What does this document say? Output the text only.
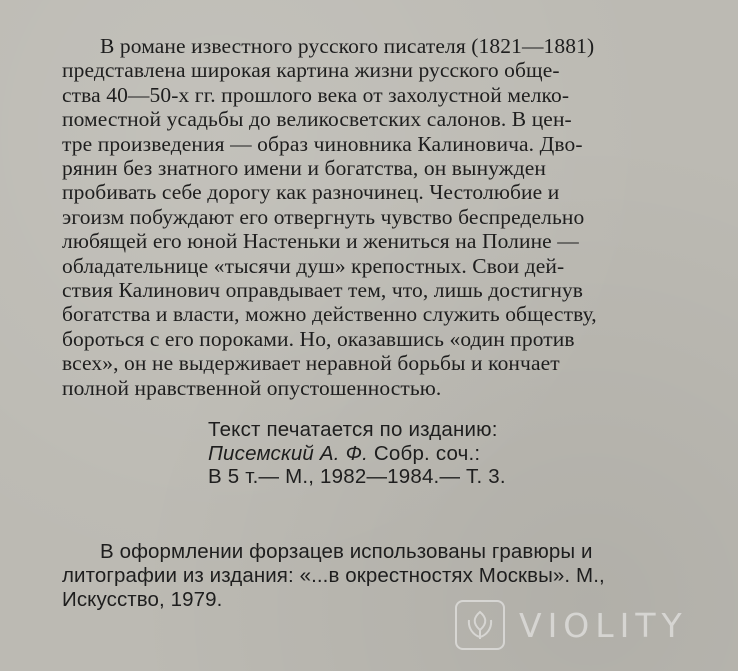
В романе известного русского писателя (1821—1881)
представлена широкая картина жизни русского обще-
ства 40—50-х гг. прошлого века от захолустной мелко-
поместной усадьбы до великосветских салонов. В цен-
тре произведения — образ чиновника Калиновича. Дво-
рянин без знатного имени и богатства, он вынужден
пробивать себе дорогу как разночинец. Честолюбие и
эгоизм побуждают его отвергнуть чувство беспредельно
любящей его юной Настеньки и жениться на Полине —
обладательнице «тысячи душ» крепостных. Свои дей-
ствия Калинович оправдывает тем, что, лишь достигнув
богатства и власти, можно действенно служить обществу,
бороться с его пороками. Но, оказавшись «один против
всех», он не выдерживает неравной борьбы и кончает
полной нравственной опустошенностью.
Текст печатается по изданию:
Писемский А. Ф. Собр. соч.:
В 5 т.— М., 1982—1984.— Т. 3.
В оформлении форзацев использованы гравюры и
литографии из издания: «...в окрестностях Москвы». М.,
Искусство, 1979.
VIOLITY
